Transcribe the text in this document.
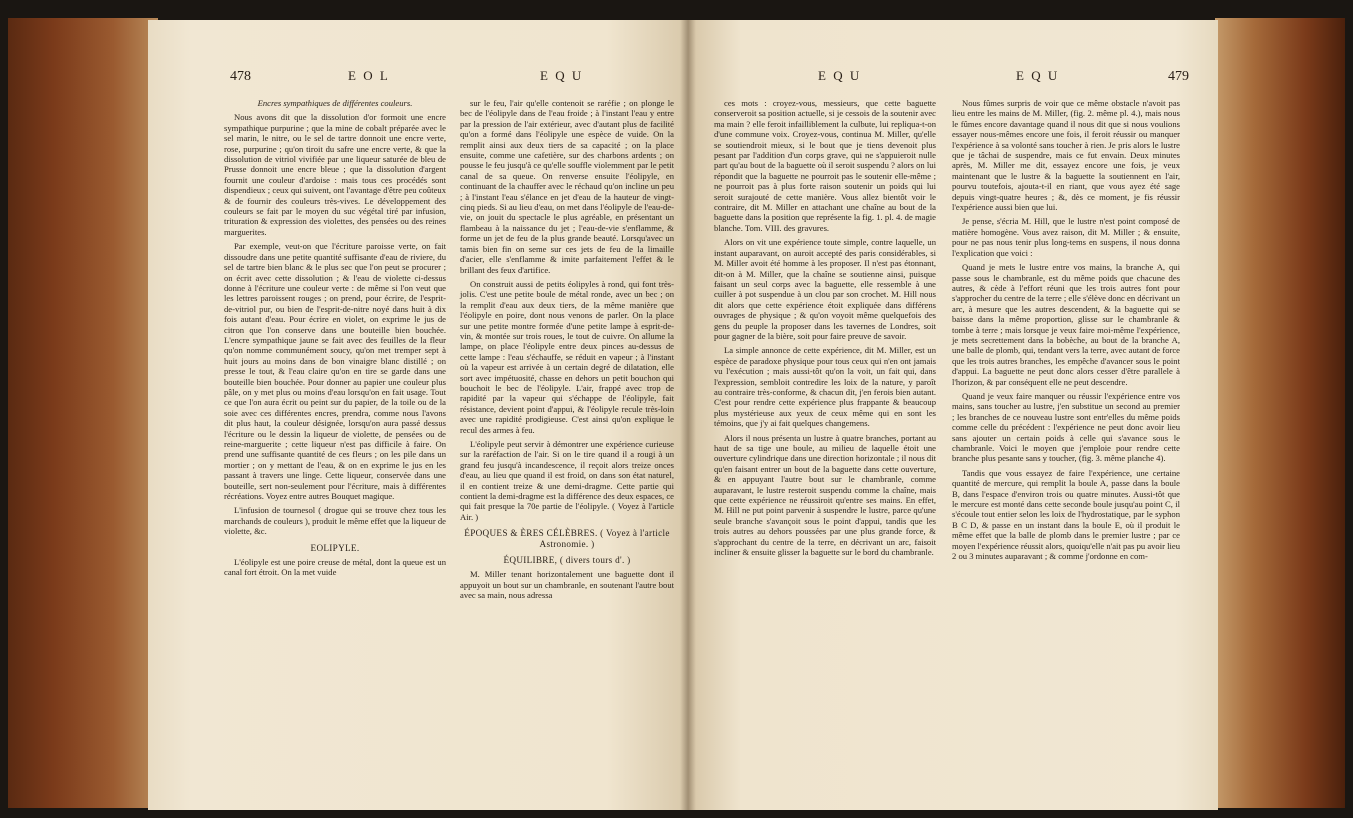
478	E O L	E Q U

Encres sympathiques de différentes couleurs.

Nous avons dit que la dissolution d'or formoit une encre sympathique purpurine ; que la mine de cobalt préparée avec le sel marin, le nitre, ou le sel de tartre donnoit une encre verte, rose, purpurine ; qu'on tiroit du safre une encre verte, & que la dissolution de vitriol vivifiée par une liqueur saturée de bleu de Prusse donnoit une encre bleue ; que la dissolution d'argent fournit une couleur d'ardoise : mais tous ces procédés sont dispendieux ; ceux qui suivent, ont l'avantage d'être peu coûteux & de fournir des couleurs très-vives. Le développement des couleurs se fait par le moyen du suc végétal tiré par infusion, trituration & expression des violettes, des pensées ou des reines marguerites.

Par exemple, veut-on que l'écriture paroisse verte, on fait dissoudre dans une petite quantité suffisante d'eau de riviere, du sel de tartre bien blanc & le plus sec que l'on peut se procurer ; on écrit avec cette dissolution ; & l'eau de violette ci-dessus donne à l'écriture une couleur verte : de même si l'on veut que les lettres paroissent rouges ; on prend, pour écrire, de l'esprit-de-vitriol pur, ou bien de l'esprit-de-nitre noyé dans huit à dix fois autant d'eau. Pour écrire en violet, on exprime le jus de citron que l'on conserve dans une bouteille bien bouchée. L'encre sympathique jaune se fait avec des feuilles de la fleur qu'on nomme communément soucy, qu'on met tremper sept à huit jours au moins dans de bon vinaigre blanc distillé ; on presse le tout, & l'eau claire qu'on en tire se garde dans une bouteille bien bouchée. Pour donner au papier une couleur plus pâle, on y met plus ou moins d'eau lorsqu'on en fait usage. Tout ce que l'on aura écrit ou peint sur du papier, de la toile ou de la soie avec ces différentes encres, prendra, comme nous l'avons dit plus haut, la couleur désignée, lorsqu'on aura passé dessus l'écriture ou le dessin la liqueur de violette, de pensées ou de reine-marguerite ; cette liqueur n'est pas difficile à faire. On prend une suffisante quantité de ces fleurs ; on les pile dans un mortier ; on y mettant de l'eau, & on en exprime le jus en les passant à travers une linge. Cette liqueur, conservée dans une bouteille, sert non-seulement pour l'écriture, mais à différentes récréations. Voyez entre autres Bouquet magique.

L'infusion de tournesol ( drogue qui se trouve chez tous les marchands de couleurs ), produit le même effet que la liqueur de violette, &c.

EOLIPYLE.

L'éolipyle est une poire creuse de métal, dont la queue est un canal fort étroit. On la met vuide

sur le feu, l'air qu'elle contenoit se raréfie ; on plonge le bec de l'éolipyle dans de l'eau froide ; à l'instant l'eau y entre par la pression de l'air extérieur, avec d'autant plus de facilité qu'on a formé dans l'éolipyle une espèce de vuide. On la remplit ainsi aux deux tiers de sa capacité ; on la place ensuite, comme une cafetière, sur des charbons ardents ; on pousse le feu jusqu'à ce qu'elle souffle violemment par le petit canal de sa queue. On renverse ensuite l'éolipyle, en continuant de la chauffer avec le réchaud qu'on incline un peu ; à l'instant l'eau s'élance en jet d'eau de la hauteur de vingt-cinq pieds. Si au lieu d'eau, on met dans l'éolipyle de l'eau-de-vie, on jouit du spectacle le plus agréable, en présentant un flambeau à la naissance du jet ; l'eau-de-vie s'enflamme, & forme un jet de feu de la plus grande beauté. Lorsqu'avec un tamis bien fin on seme sur ces jets de feu de la limaille d'acier, elle s'enflamme & imite parfaitement l'effet & le brillant des feux d'artifice.

On construit aussi de petits éolipyles à rond, qui font très-jolis. C'est une petite boule de métal ronde, avec un bec ; on la remplit d'eau aux deux tiers, de la même manière que l'éolipyle en poire, dont nous venons de parler. On la place sur une petite montre formée d'une petite lampe à esprit-de-vin, & montée sur trois roues, le tout de cuivre. On allume la lampe, on place l'éolipyle entre deux pinces au-dessus de cette lampe : l'eau s'échauffe, se réduit en vapeur ; à l'instant où la vapeur est arrivée à un certain degré de dilatation, elle sort avec impétuosité, chasse en dehors un petit bouchon qui bouchoit le bec de l'éolipyle. L'air, frappé avec trop de rapidité par la vapeur qui s'échappe de l'éolipyle, fait résistance, devient point d'appui, & l'éolipyle recule très-loin avec une rapidité prodigieuse. C'est ainsi qu'on explique le recul des armes à feu.

L'éolipyle peut servir à démontrer une expérience curieuse sur la raréfaction de l'air. Si on le tire quand il a rougi à un grand feu jusqu'à incandescence, il reçoit alors treize onces d'eau, au lieu que quand il est froid, on dans son état naturel, il en contient treize & une demi-dragme. Cette partie qui contient la demi-dragme est la différence des deux espaces, ce qui fait presque la 70e partie de l'éolipyle. ( Voyez à l'article Air. )

ÉPOQUES & ÈRES CÉLÈBRES. ( Voyez à l'article Astronomie. )

ÉQUILIBRE, ( divers tours d'. )

M. Miller tenant horizontalement une baguette dont il appuyoit un bout sur un chambranle, en soutenant l'autre bout avec sa main, nous adressa

E Q U	E Q U	479

ces mots : croyez-vous, messieurs, que cette baguette conserveroit sa position actuelle, si je cessois de la soutenir avec ma main ? elle feroit infailliblement la culbute, lui repliqua-t-on d'une commune voix. Croyez-vous, continua M. Miller, qu'elle se soutiendroit mieux, si le bout que je tiens devenoit plus pesant par l'addition d'un corps grave, qui ne s'appuieroit nulle part qu'au bout de la baguette où il seroit suspendu ? alors on lui répondit que la baguette ne pourroit pas le soutenir elle-même ; ne pourroit pas à plus forte raison soutenir un poids qui lui seroit surajouté de cette manière. Vous allez bientôt voir le contraire, dit M. Miller en attachant une chaîne au bout de la baguette dans la position que représente la fig. 1. pl. 4. de magie blanche. Tom. VIII. des gravures.

Alors on vit une expérience toute simple, contre laquelle, un instant auparavant, on auroit accepté des paris considérables, si M. Miller avoit été homme à les proposer. Il n'est pas étonnant, dit-on à M. Miller, que la chaîne se soutienne ainsi, puisque faisant un seul corps avec la baguette, elle ressemble à une cuiller à pot suspendue à un clou par son crochet. M. Hill nous dit alors que cette expérience étoit expliquée dans différens ouvrages de physique ; & qu'on voyoit même quelquefois des gens du peuple la proposer dans les tavernes de Londres, soit pour gagner de la bière, soit pour faire preuve de savoir.

La simple annonce de cette expérience, dit M. Miller, est un espèce de paradoxe physique pour tous ceux qui n'en ont jamais vu l'exécution ; mais aussi-tôt qu'on la voit, un fait qui, dans l'expression, sembloit contredire les loix de la nature, y paroît au contraire très-conforme, & chacun dit, j'en ferois bien autant. C'est pour rendre cette expérience plus frappante & beaucoup plus mystérieuse aux yeux de ceux même qui en sont les témoins, que j'y ai fait quelques changemens.

Alors il nous présenta un lustre à quatre branches, portant au haut de sa tige une boule, au milieu de laquelle étoit une ouverture cylindrique dans une direction horizontale ; il nous dit qu'en faisant entrer un bout de la baguette dans cette ouverture, & en appuyant l'autre bout sur le chambranle, comme auparavant, le lustre resteroit suspendu comme la chaîne, mais que cette expérience ne réussiroit qu'entre ses mains. En effet, M. Hill ne put point parvenir à suspendre le lustre, parce qu'une seule branche s'avançoit sous le point d'appui, tandis que les trois autres au dehors poussées par une plus grande force, & s'approchant du centre de la terre, en décrivant un arc, faisoit incliner & ensuite glisser la baguette sur le bord du chambranle.

Nous fûmes surpris de voir que ce même obstacle n'avoit pas lieu entre les mains de M. Miller, (fig. 2. même pl. 4.), mais nous le fûmes encore davantage quand il nous dit que si nous voulions essayer nous-mêmes encore une fois, il feroit réussir ou manquer l'expérience à sa volonté sans toucher à rien. Je pris alors le lustre que je tâchai de suspendre, mais ce fut envain. Deux minutes après, M. Miller me dit, essayez encore une fois, je veux maintenant que le lustre & la baguette la soutiennent en l'air, pourvu toutefois, ajouta-t-il en riant, que vous ayez été sage depuis vingt-quatre heures ; &, dès ce moment, je fis réussir l'expérience aussi bien que lui.

Je pense, s'écria M. Hill, que le lustre n'est point composé de matière homogène. Vous avez raison, dit M. Miller ; & ensuite, pour ne pas nous tenir plus long-tems en suspens, il nous donna l'explication que voici :

Quand je mets le lustre entre vos mains, la branche A, qui passe sous le chambranle, est du même poids que chacune des autres, & cède à l'effort réuni que les trois autres font pour s'approcher du centre de la terre ; elle s'élève donc en décrivant un arc, à mesure que les autres descendent, & la baguette qui se baisse dans la même proportion, glisse sur le chambranle & tombe à terre ; mais lorsque je veux faire moi-même l'expérience, je mets secrettement dans la bobèche, au bout de la branche A, une balle de plomb, qui, tendant vers la terre, avec autant de force que les trois autres branches, les empêche d'avancer sous le point d'appui. La baguette ne peut donc alors cesser d'être parallele à l'horizon, & par conséquent elle ne peut descendre.

Quand je veux faire manquer ou réussir l'expérience entre vos mains, sans toucher au lustre, j'en substitue un second au premier ; les branches de ce nouveau lustre sont entr'elles du même poids comme celle du précédent : l'expérience ne peut donc avoir lieu sans ajouter un certain poids à celle qui s'avance sous le chambranle. Voici le moyen que j'emploie pour rendre cette branche plus pesante sans y toucher, (fig. 3. même planche 4).

Tandis que vous essayez de faire l'expérience, une certaine quantité de mercure, qui remplit la boule A, passe dans la boule B, dans l'espace d'environ trois ou quatre minutes. Aussi-tôt que le mercure est monté dans cette seconde boule jusqu'au point C, il s'écoule tout entier selon les loix de l'hydrostatique, par le syphon B C D, & passe en un instant dans la boule E, où il produit le même effet que la balle de plomb dans le premier lustre ; par ce moyen l'expérience réussit alors, quoiqu'elle n'ait pas pu avoir lieu 2 ou 3 minutes auparavant ; & comme j'ordonne en com-
